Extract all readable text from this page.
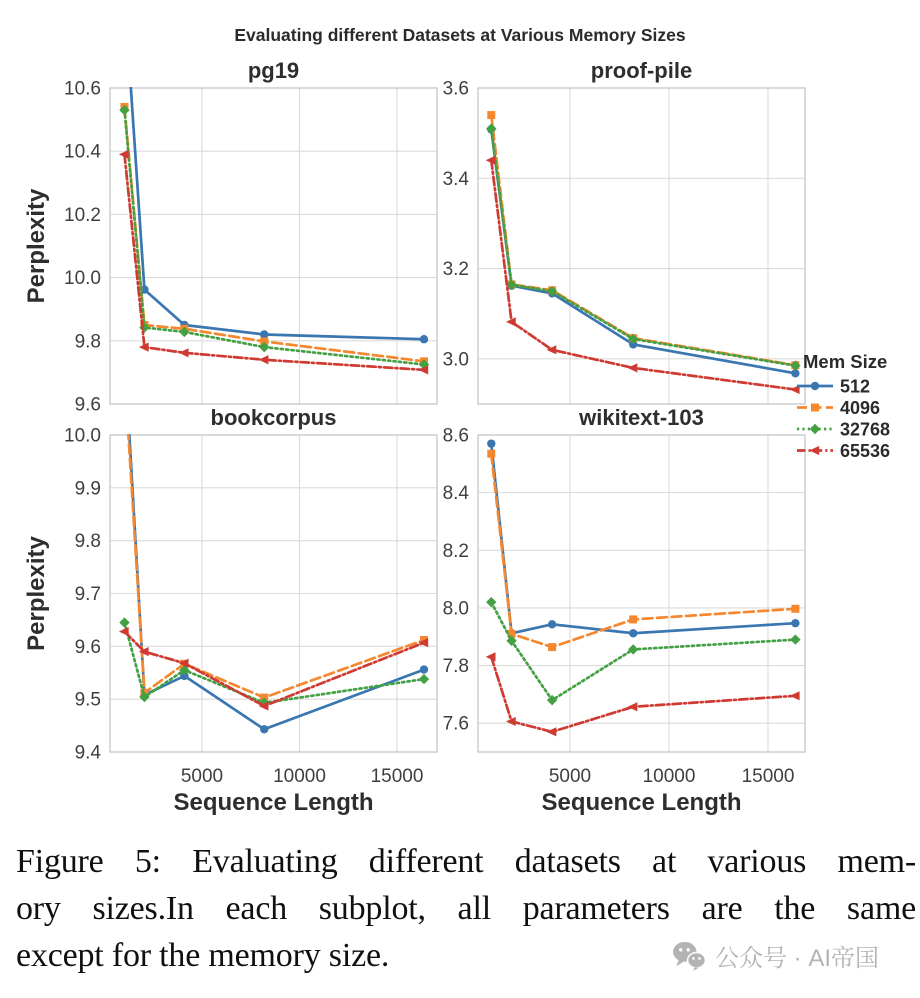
Evaluating different Datasets at Various Memory Sizes
pg19
9.6
9.8
10.0
10.2
10.4
10.6
Perplexity
proof-pile
3.0
3.2
3.4
3.6
bookcorpus
9.4
9.5
9.6
9.7
9.8
9.9
10.0
5000	10000 15000
Sequence Length
Perplexity
wikitext-103
7.6
7.8
8.0
8.2
8.4
8.6
5000	10000 15000
Sequence Length
Mem Size
512
4096
32768
65536
Figure 5: Evaluating different datasets at various mem-
ory sizes.In each subplot, all parameters are the same
except for the memory size.	公众号 · AI帝国
